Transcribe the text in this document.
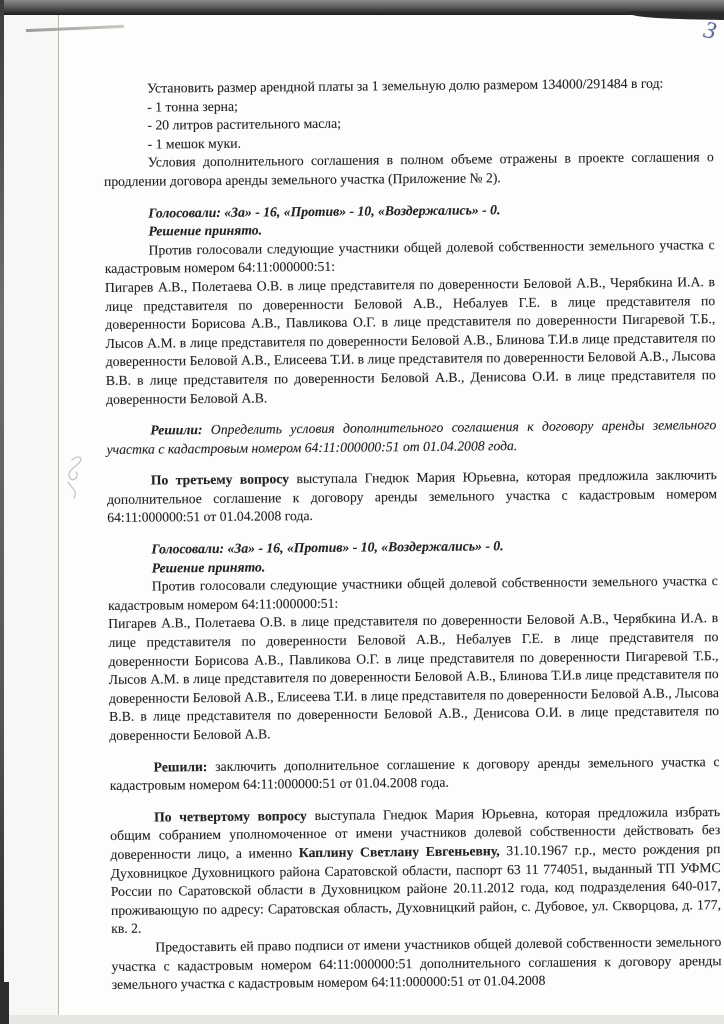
Установить размер арендной платы за 1 земельную долю размером 134000/291484 в год:

- 1 тонна зерна;

- 20 литров растительного масла;

- 1 мешок муки.

Условия дополнительного соглашения в полном объеме отражены в проекте соглашения о продлении договора аренды земельного участка (Приложение № 2).

Голосовали: «За» - 16, «Против» - 10, «Воздержались» - 0.

Решение принято.

Против голосовали следующие участники общей долевой собственности земельного участка с кадастровым номером 64:11:000000:51:

Пигарев А.В., Полетаева О.В. в лице представителя по доверенности Беловой А.В., Черябкина И.А. в лице представителя по доверенности Беловой А.В., Небалуев Г.Е. в лице представителя по доверенности Борисова А.В., Павликова О.Г. в лице представителя по доверенности Пигаревой Т.Б., Лысов А.М. в лице представителя по доверенности Беловой А.В., Блинова Т.И.в лице представителя по доверенности Беловой А.В., Елисеева Т.И. в лице представителя по доверенности Беловой А.В., Лысова В.В. в лице представителя по доверенности Беловой А.В., Денисова О.И. в лице представителя по доверенности Беловой А.В.

Решили: Определить условия дополнительного соглашения к договору аренды земельного участка с кадастровым номером 64:11:000000:51 от 01.04.2008 года.

По третьему вопросу выступала Гнедюк Мария Юрьевна, которая предложила заключить дополнительное соглашение к договору аренды земельного участка с кадастровым номером 64:11:000000:51 от 01.04.2008 года.

Голосовали: «За» - 16, «Против» - 10, «Воздержались» - 0.

Решение принято.

Против голосовали следующие участники общей долевой собственности земельного участка с кадастровым номером 64:11:000000:51:

Пигарев А.В., Полетаева О.В. в лице представителя по доверенности Беловой А.В., Черябкина И.А. в лице представителя по доверенности Беловой А.В., Небалуев Г.Е. в лице представителя по доверенности Борисова А.В., Павликова О.Г. в лице представителя по доверенности Пигаревой Т.Б., Лысов А.М. в лице представителя по доверенности Беловой А.В., Блинова Т.И.в лице представителя по доверенности Беловой А.В., Елисеева Т.И. в лице представителя по доверенности Беловой А.В., Лысова В.В. в лице представителя по доверенности Беловой А.В., Денисова О.И. в лице представителя по доверенности Беловой А.В.

Решили: заключить дополнительное соглашение к договору аренды земельного участка с кадастровым номером 64:11:000000:51 от 01.04.2008 года.

По четвертому вопросу выступала Гнедюк Мария Юрьевна, которая предложила избрать общим собранием уполномоченное от имени участников долевой собственности действовать без доверенности лицо, а именно Каплину Светлану Евгеньевну, 31.10.1967 г.р., место рождения рп Духовницкое Духовницкого района Саратовской области, паспорт 63 11 774051, выданный ТП УФМС России по Саратовской области в Духовницком районе 20.11.2012 года, код подразделения 640-017, проживающую по адресу: Саратовская область, Духовницкий район, с. Дубовое, ул. Скворцова, д. 177, кв. 2.

Предоставить ей право подписи от имени участников общей долевой собственности земельного участка с кадастровым номером 64:11:000000:51 дополнительного соглашения к договору аренды земельного участка с кадастровым номером 64:11:000000:51 от 01.04.2008

3
